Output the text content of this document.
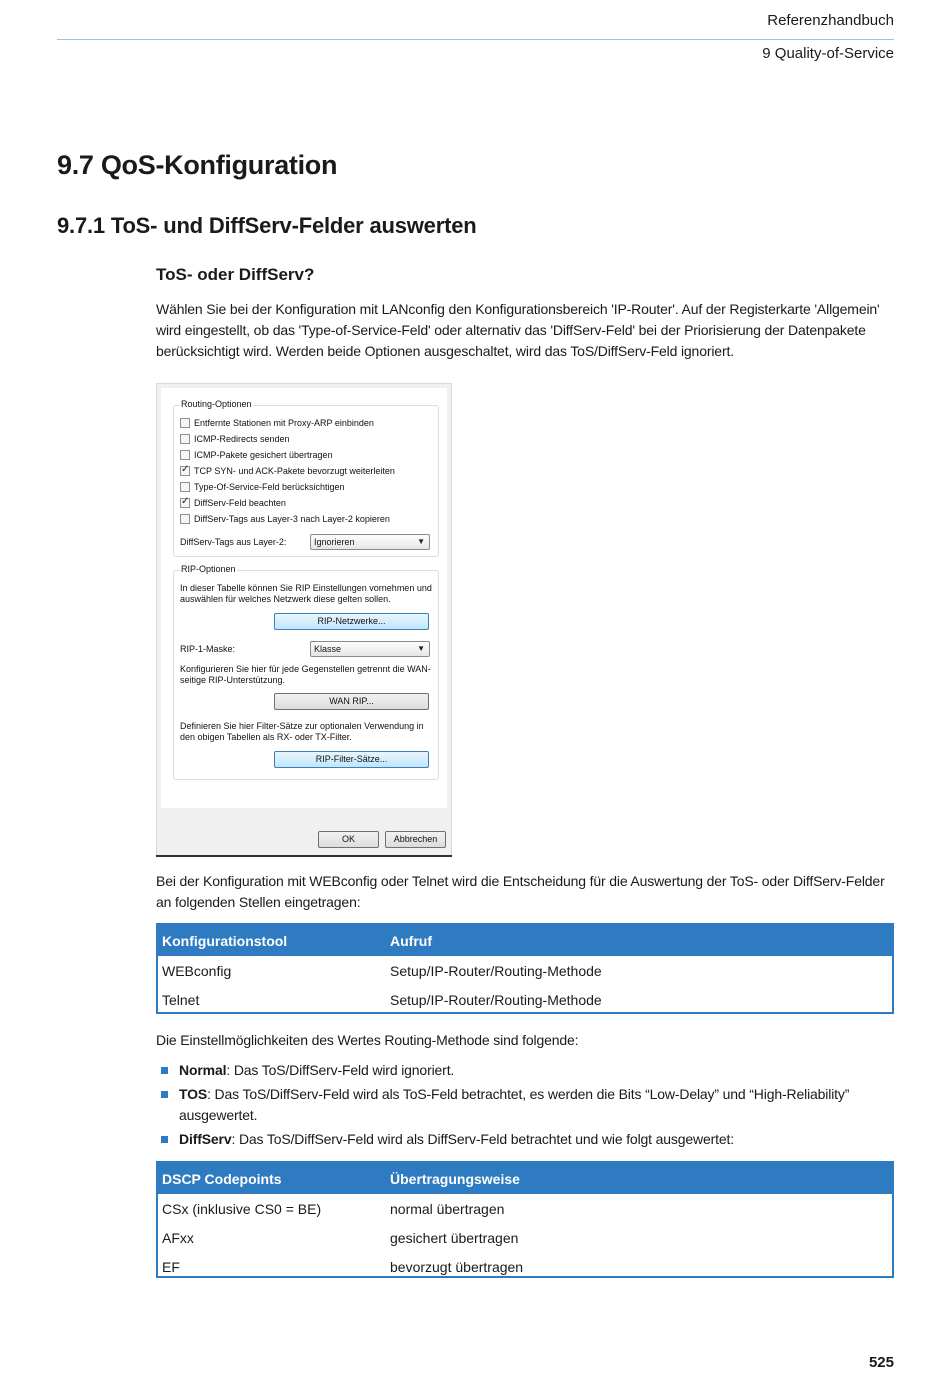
Referenzhandbuch
9 Quality-of-Service
9.7 QoS-Konfiguration
9.7.1 ToS- und DiffServ-Felder auswerten
ToS- oder DiffServ?

Wählen Sie bei der Konfiguration mit LANconfig den Konfigurationsbereich 'IP-Router'. Auf der Registerkarte 'Allgemein' wird eingestellt, ob das 'Type-of-Service-Feld' oder alternativ das 'DiffServ-Feld' bei der Priorisierung der Datenpakete berücksichtigt wird. Werden beide Optionen ausgeschaltet, wird das ToS/DiffServ-Feld ignoriert.

Routing-Optionen
Entfernte Stationen mit Proxy-ARP einbinden
ICMP-Redirects senden
ICMP-Pakete gesichert übertragen
✓
TCP SYN- und ACK-Pakete bevorzugt weiterleiten
Type-Of-Service-Feld berücksichtigen
✓
DiffServ-Feld beachten
DiffServ-Tags aus Layer-3 nach Layer-2 kopieren
DiffServ-Tags aus Layer-2:	Ignorieren ▼
RIP-Optionen
In dieser Tabelle können Sie RIP Einstellungen vornehmen und auswählen für welches Netzwerk diese gelten sollen.
RIP-Netzwerke...
RIP-1-Maske:	Klasse ▼
Konfigurieren Sie hier für jede Gegenstellen getrennt die WAN-seitige RIP-Unterstützung.
WAN RIP...
Definieren Sie hier Filter-Sätze zur optionalen Verwendung in den obigen Tabellen als RX- oder TX-Filter.
RIP-Filter-Sätze...
OK	Abbrechen

Bei der Konfiguration mit WEBconfig oder Telnet wird die Entscheidung für die Auswertung der ToS- oder DiffServ-Felder an folgenden Stellen eingetragen:

Konfigurationstool	Aufruf
WEBconfig	Setup/IP-Router/Routing-Methode
Telnet	Setup/IP-Router/Routing-Methode

Die Einstellmöglichkeiten des Wertes Routing-Methode sind folgende:

Normal: Das ToS/DiffServ-Feld wird ignoriert.
TOS: Das ToS/DiffServ-Feld wird als ToS-Feld betrachtet, es werden die Bits “Low-Delay” und “High-Reliability” ausgewertet.
DiffServ: Das ToS/DiffServ-Feld wird als DiffServ-Feld betrachtet und wie folgt ausgewertet:
DSCP Codepoints	Übertragungsweise
CSx (inklusive CS0 = BE)	normal übertragen
AFxx	gesichert übertragen
EF	bevorzugt übertragen
525
